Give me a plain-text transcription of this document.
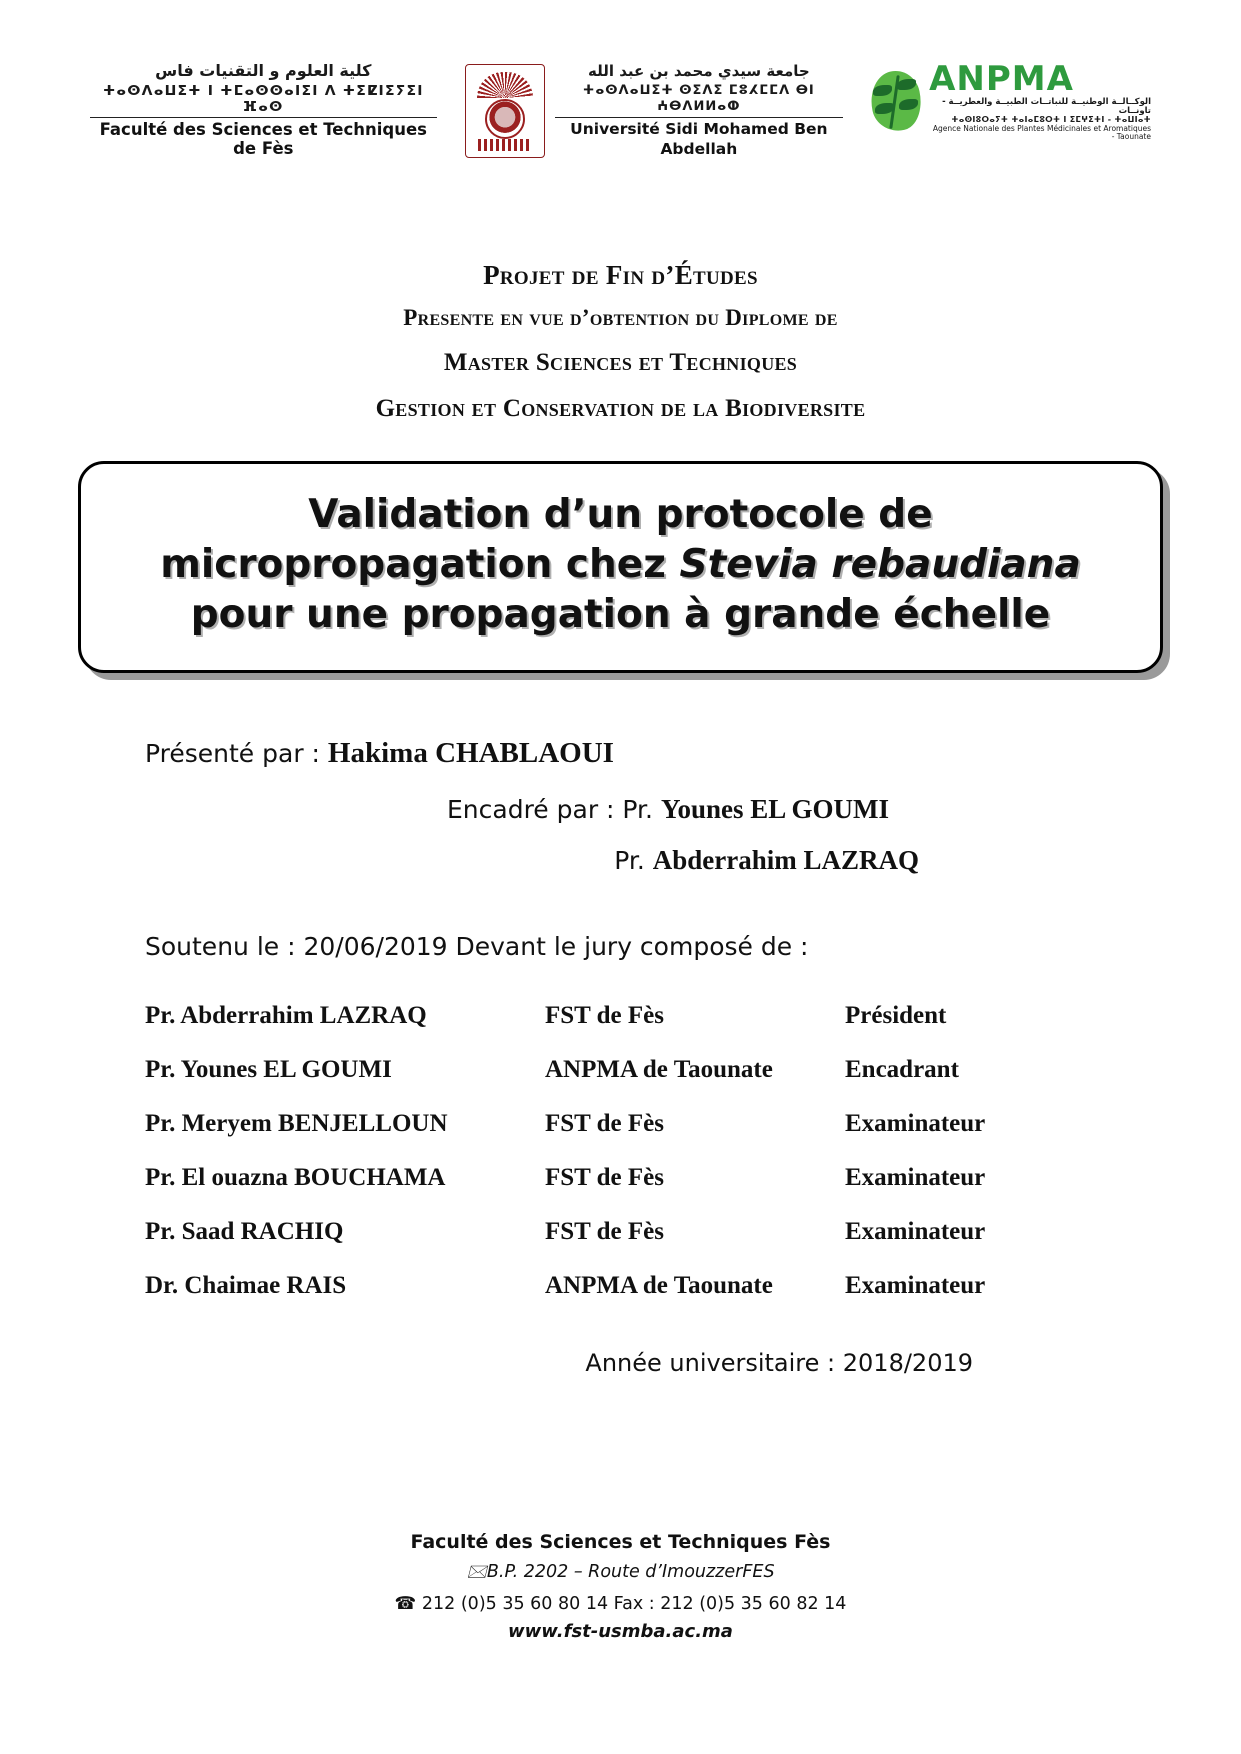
كلية العلوم و التقنيات فاس
ⵜⴰⵙⴷⴰⵡⵉⵜ ⵏ ⵜⵎⴰⵙⵙⴰⵏⵉⵏ ⴷ ⵜⵉⵇⵏⵉⵢⵉⵏ ⴼⴰⵙ
Faculté des Sciences et Techniques de Fès
جامعة سيدي محمد بن عبد الله
ⵜⴰⵙⴷⴰⵡⵉⵜ ⵙⵉⴷⵉ ⵎⵓⵃⵎⵎⴷ ⴱⵏ ⵄⴱⴷⵍⵍⴰⵀ
Université Sidi Mohamed Ben Abdellah
ANPMA
الوكــالــة الوطنيــة للنباتــات الطبيــة والعطريــة - تاونــات
ⵜⴰⵙⵏⵓⵔⴰⵢⵜ ⵜⴰⵏⴰⵎⵓⵔⵜ ⵏ ⵉⵎⵖⵉⵜⵏ - ⵜⴰⵡⵏⴰⵜ
Agence Nationale des Plantes Médicinales et Aromatiques - Taounate
Projet de Fin d’Études
Presente en vue d’obtention du Diplome de
Master Sciences et Techniques
Gestion et Conservation de la Biodiversite
Validation d’un protocole de micropropagation chez Stevia rebaudiana pour une propagation à grande échelle
Présenté par : Hakima CHABLAOUI
Encadré par : Pr. Younes EL GOUMI
Pr. Abderrahim LAZRAQ
Soutenu le : 20/06/2019 Devant le jury composé de :
Pr. Abderrahim LAZRAQ	FST de Fès	Président
Pr. Younes EL GOUMI	ANPMA de Taounate	Encadrant
Pr. Meryem BENJELLOUN	FST de Fès	Examinateur
Pr. El ouazna BOUCHAMA	FST de Fès	Examinateur
Pr. Saad RACHIQ	FST de Fès	Examinateur
Dr. Chaimae RAIS	ANPMA de Taounate	Examinateur
Année universitaire : 2018/2019
Faculté des Sciences et Techniques Fès
🖂B.P. 2202 – Route d’ImouzzerFES
☎ 212 (0)5 35 60 80 14 Fax : 212 (0)5 35 60 82 14
www.fst-usmba.ac.ma
